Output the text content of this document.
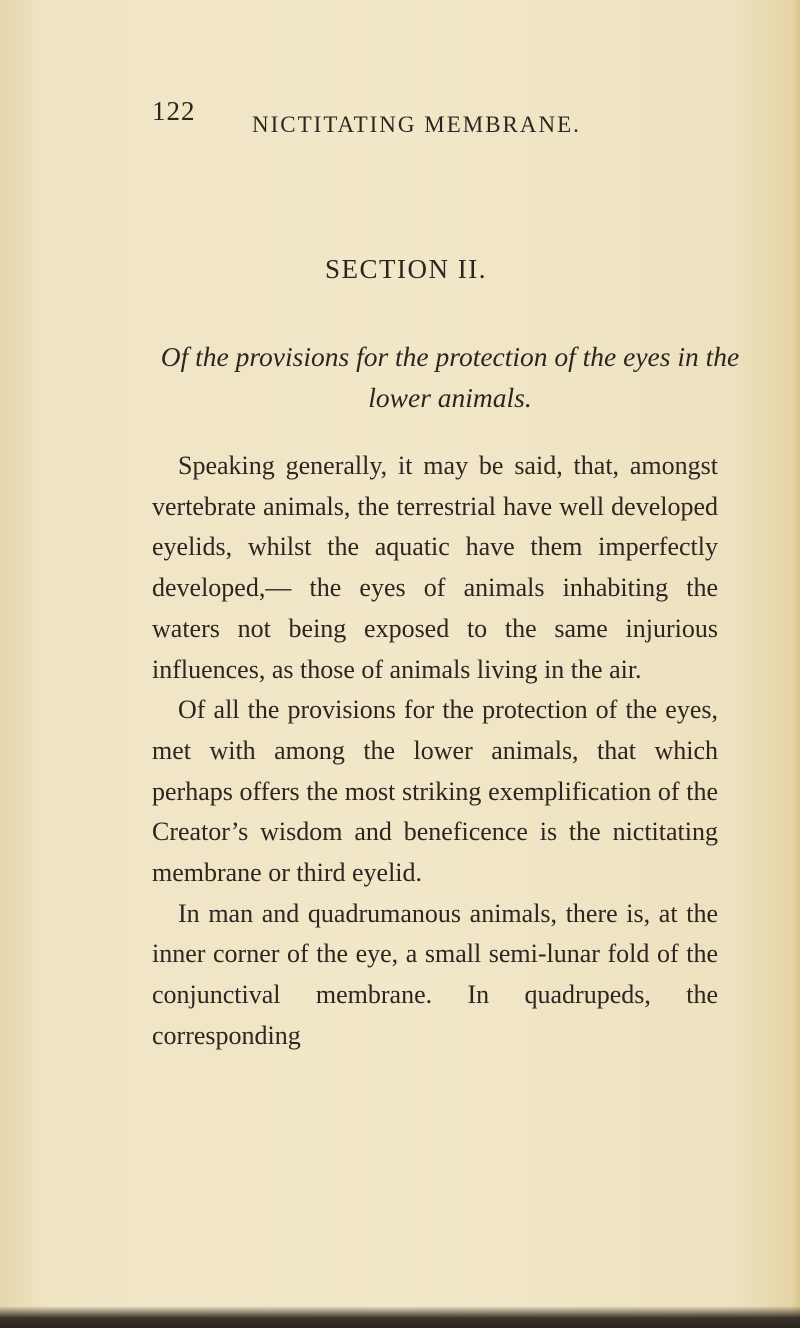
122 NICTITATING MEMBRANE.
SECTION II.
Of the provisions for the protection of the eyes in the lower animals.

Speaking generally, it may be said, that, amongst vertebrate animals, the terrestrial have well developed eyelids, whilst the aquatic have them imperfectly developed,— the eyes of animals inhabiting the waters not being exposed to the same injurious influences, as those of animals living in the air.

Of all the provisions for the protection of the eyes, met with among the lower animals, that which perhaps offers the most striking exemplification of the Creator’s wisdom and beneficence is the nictitating membrane or third eyelid.

In man and quadrumanous animals, there is, at the inner corner of the eye, a small semi-lunar fold of the conjunctival membrane. In quadrupeds, the corresponding
